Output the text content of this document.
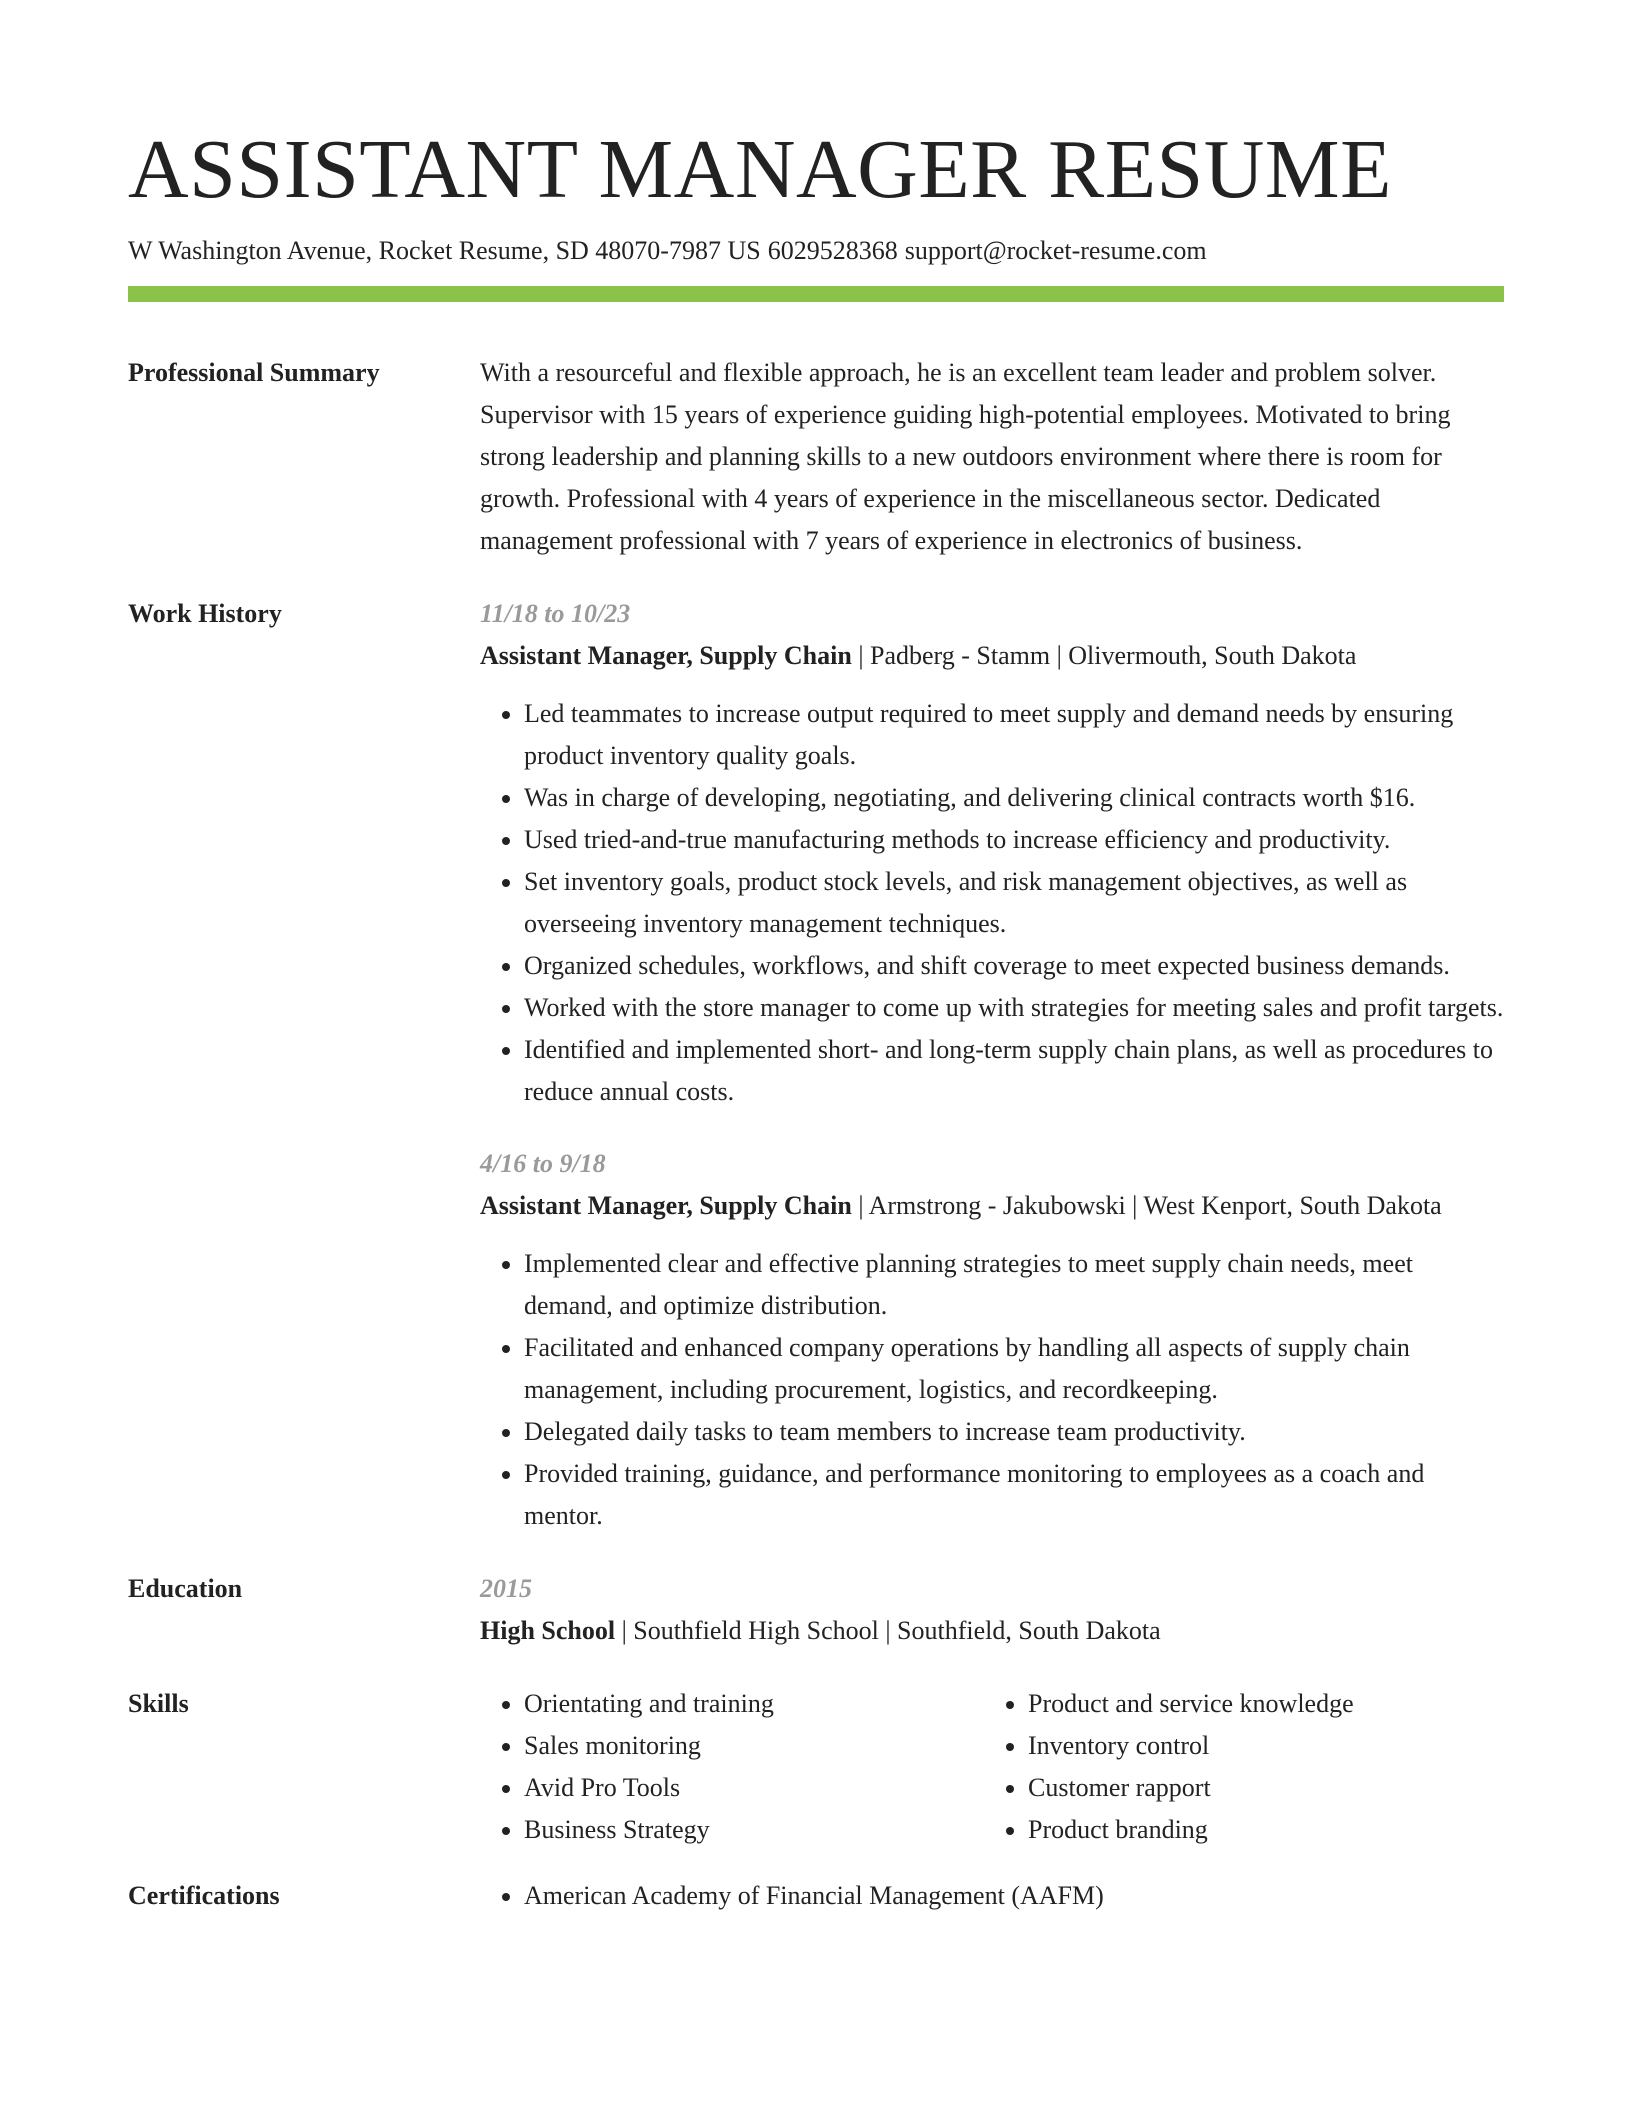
ASSISTANT MANAGER RESUME
W Washington Avenue, Rocket Resume, SD 48070-7987 US 6029528368 support@rocket-resume.com
Professional Summary	With a resourceful and flexible approach, he is an excellent team leader and problem solver. Supervisor with 15 years of experience guiding high-potential employees. Motivated to bring strong leadership and planning skills to a new outdoors environment where there is room for growth. Professional with 4 years of experience in the miscellaneous sector. Dedicated management professional with 7 years of experience in electronics of business.

Work History	11/18 to 10/23
Assistant Manager, Supply Chain | Padberg - Stamm | Olivermouth, South Dakota
• Led teammates to increase output required to meet supply and demand needs by ensuring product inventory quality goals.
• Was in charge of developing, negotiating, and delivering clinical contracts worth $16.
• Used tried-and-true manufacturing methods to increase efficiency and productivity.
• Set inventory goals, product stock levels, and risk management objectives, as well as overseeing inventory management techniques.
• Organized schedules, workflows, and shift coverage to meet expected business demands.
• Worked with the store manager to come up with strategies for meeting sales and profit targets.
• Identified and implemented short- and long-term supply chain plans, as well as procedures to reduce annual costs.
4/16 to 9/18
Assistant Manager, Supply Chain | Armstrong - Jakubowski | West Kenport, South Dakota
• Implemented clear and effective planning strategies to meet supply chain needs, meet demand, and optimize distribution.
• Facilitated and enhanced company operations by handling all aspects of supply chain management, including procurement, logistics, and recordkeeping.
• Delegated daily tasks to team members to increase team productivity.
• Provided training, guidance, and performance monitoring to employees as a coach and mentor.
Education	2015
High School | Southfield High School | Southfield, South Dakota
Skills	• Orientating and training
• Sales monitoring
• Avid Pro Tools
• Business Strategy
• Product and service knowledge
• Inventory control
• Customer rapport
• Product branding
Certifications	• American Academy of Financial Management (AAFM)
